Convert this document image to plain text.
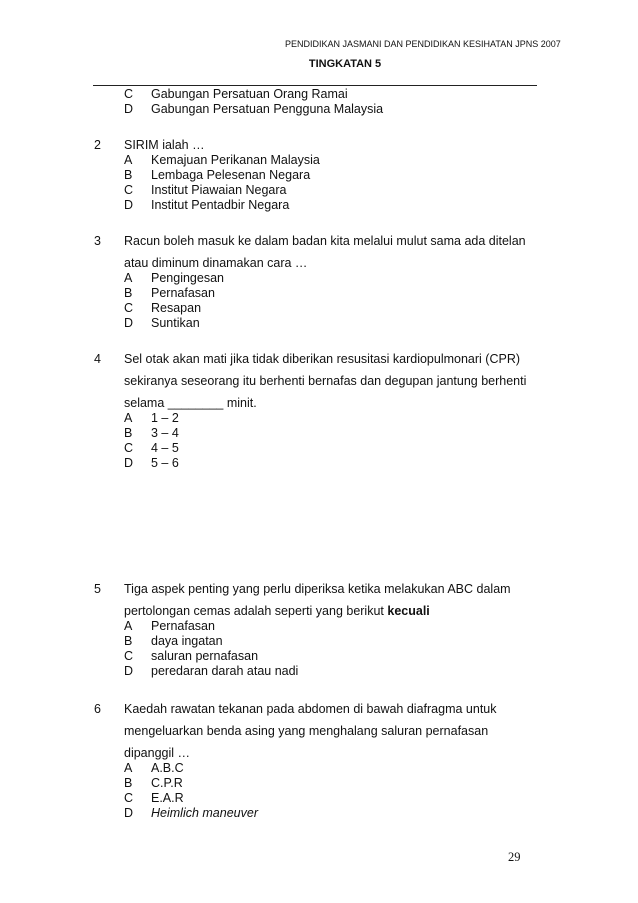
PENDIDIKAN JASMANI DAN PENDIDIKAN KESIHATAN JPNS 2007
TINGKATAN 5
C Gabungan Persatuan Orang Ramai
D Gabungan Persatuan Pengguna Malaysia
2 SIRIM ialah …
A Kemajuan Perikanan Malaysia
B Lembaga Pelesenan Negara
C Institut Piawaian Negara
D Institut Pentadbir Negara
3 Racun boleh masuk ke dalam badan kita melalui mulut sama ada ditelan
atau diminum dinamakan cara …
A Pengingesan
B Pernafasan
C Resapan
D Suntikan
4 Sel otak akan mati jika tidak diberikan resusitasi kardiopulmonari (CPR)
sekiranya seseorang itu berhenti bernafas dan degupan jantung berhenti
selama ________ minit.
A 1 – 2
B 3 – 4
C 4 – 5
D 5 – 6
5 Tiga aspek penting yang perlu diperiksa ketika melakukan ABC dalam
pertolongan cemas adalah seperti yang berikut kecuali
A Pernafasan
B daya ingatan
C saluran pernafasan
D peredaran darah atau nadi
6 Kaedah rawatan tekanan pada abdomen di bawah diafragma untuk
mengeluarkan benda asing yang menghalang saluran pernafasan
dipanggil …
A A.B.C
B C.P.R
C E.A.R
D Heimlich maneuver
29
